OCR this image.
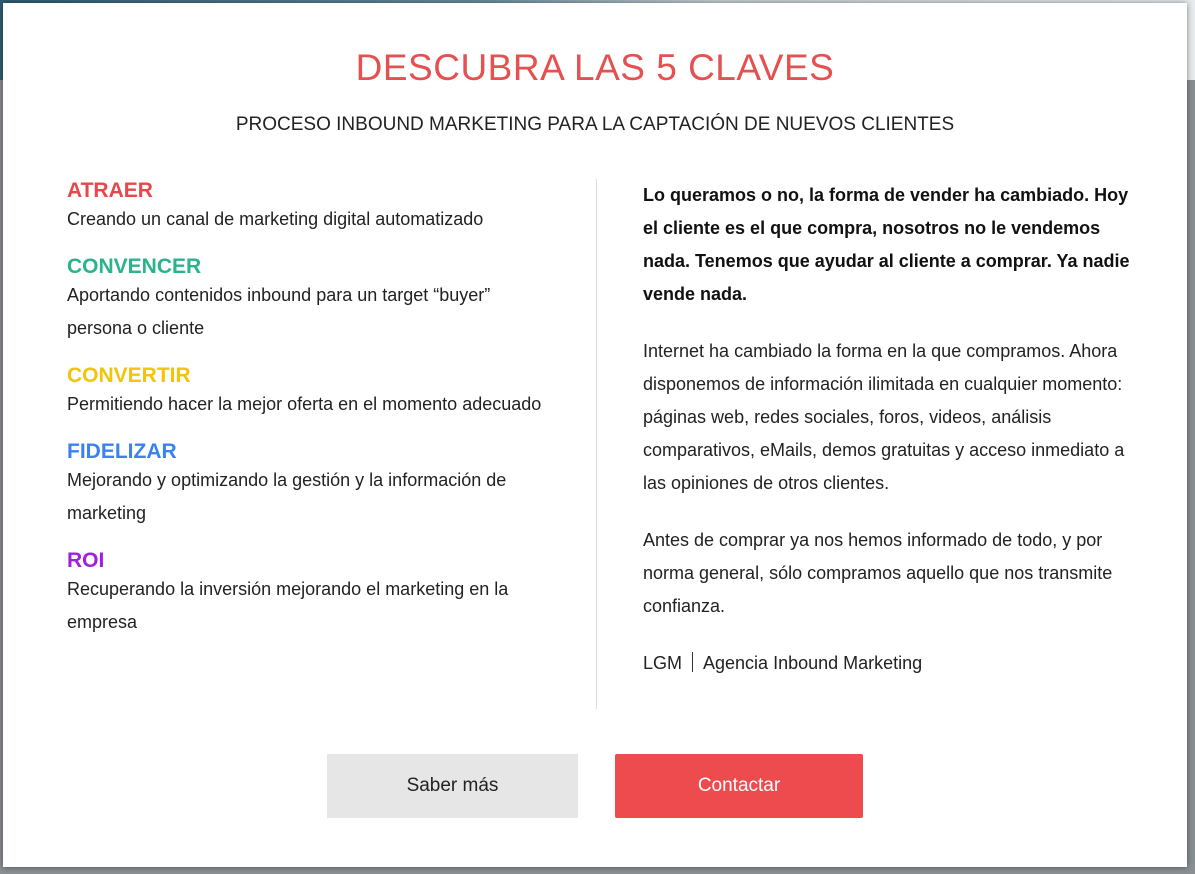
DESCUBRA LAS 5 CLAVES

PROCESO INBOUND MARKETING PARA LA CAPTACIÓN DE NUEVOS CLIENTES

ATRAER
Creando un canal de marketing digital automatizado
CONVENCER
Aportando contenidos inbound para un target “buyer” persona o cliente
CONVERTIR
Permitiendo hacer la mejor oferta en el momento adecuado
FIDELIZAR
Mejorando y optimizando la gestión y la información de marketing
ROI
Recuperando la inversión mejorando el marketing en la empresa

Lo queramos o no, la forma de vender ha cambiado. Hoy el cliente es el que compra, nosotros no le vendemos nada. Tenemos que ayudar al cliente a comprar. Ya nadie vende nada.

Internet ha cambiado la forma en la que compramos. Ahora disponemos de información ilimitada en cualquier momento: páginas web, redes sociales, foros, videos, análisis comparativos, eMails, demos gratuitas y acceso inmediato a las opiniones de otros clientes.

Antes de comprar ya nos hemos informado de todo, y por norma general, sólo compramos aquello que nos transmite confianza.

LGM Agencia Inbound Marketing
Saber más	Contactar
